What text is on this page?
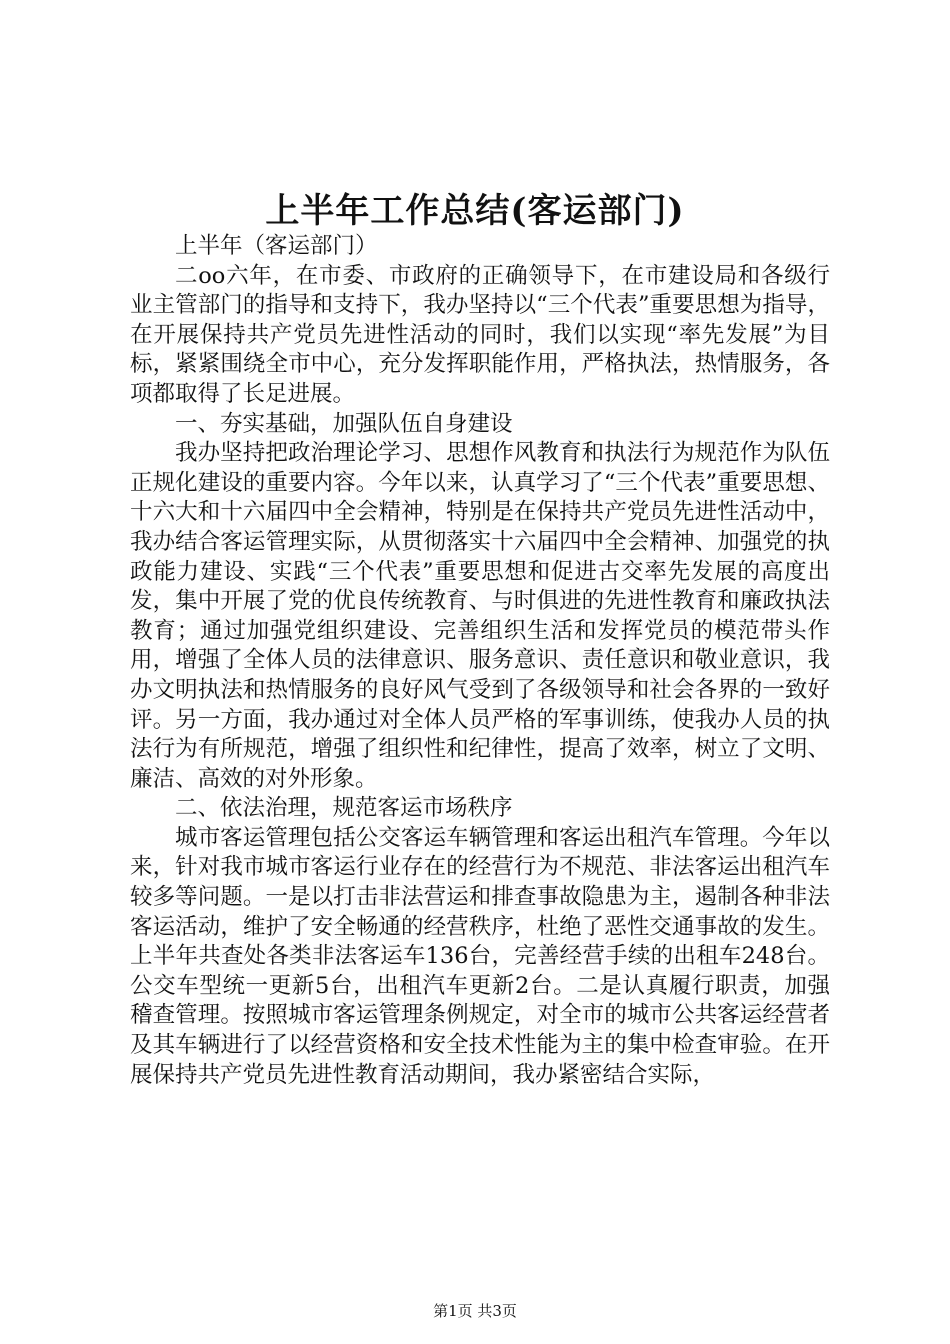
上半年工作总结(客运部门)

上半年（客运部门）

二oo六年，在市委、市政府的正确领导下，在市建设局和各级行业主管部门的指导和支持下，我办坚持以“三个代表”重要思想为指导，在开展保持共产党员先进性活动的同时，我们以实现“率先发展”为目标，紧紧围绕全市中心，充分发挥职能作用，严格执法，热情服务，各项都取得了长足进展。

一、夯实基础，加强队伍自身建设

我办坚持把政治理论学习、思想作风教育和执法行为规范作为队伍正规化建设的重要内容。今年以来，认真学习了“三个代表”重要思想、十六大和十六届四中全会精神，特别是在保持共产党员先进性活动中，我办结合客运管理实际，从贯彻落实十六届四中全会精神、加强党的执政能力建设、实践“三个代表”重要思想和促进古交率先发展的高度出发，集中开展了党的优良传统教育、与时俱进的先进性教育和廉政执法教育；通过加强党组织建设、完善组织生活和发挥党员的模范带头作用，增强了全体人员的法律意识、服务意识、责任意识和敬业意识，我办文明执法和热情服务的良好风气受到了各级领导和社会各界的一致好评。另一方面，我办通过对全体人员严格的军事训练，使我办人员的执法行为有所规范，增强了组织性和纪律性，提高了效率，树立了文明、廉洁、高效的对外形象。

二、依法治理，规范客运市场秩序

城市客运管理包括公交客运车辆管理和客运出租汽车管理。今年以来，针对我市城市客运行业存在的经营行为不规范、非法客运出租汽车较多等问题。一是以打击非法营运和排查事故隐患为主，遏制各种非法客运活动，维护了安全畅通的经营秩序，杜绝了恶性交通事故的发生。上半年共查处各类非法客运车136台，完善经营手续的出租车248台。公交车型统一更新5台，出租汽车更新2台。二是认真履行职责，加强稽查管理。按照城市客运管理条例规定，对全市的城市公共客运经营者及其车辆进行了以经营资格和安全技术性能为主的集中检查审验。在开展保持共产党员先进性教育活动期间，我办紧密结合实际，

第1页 共3页
